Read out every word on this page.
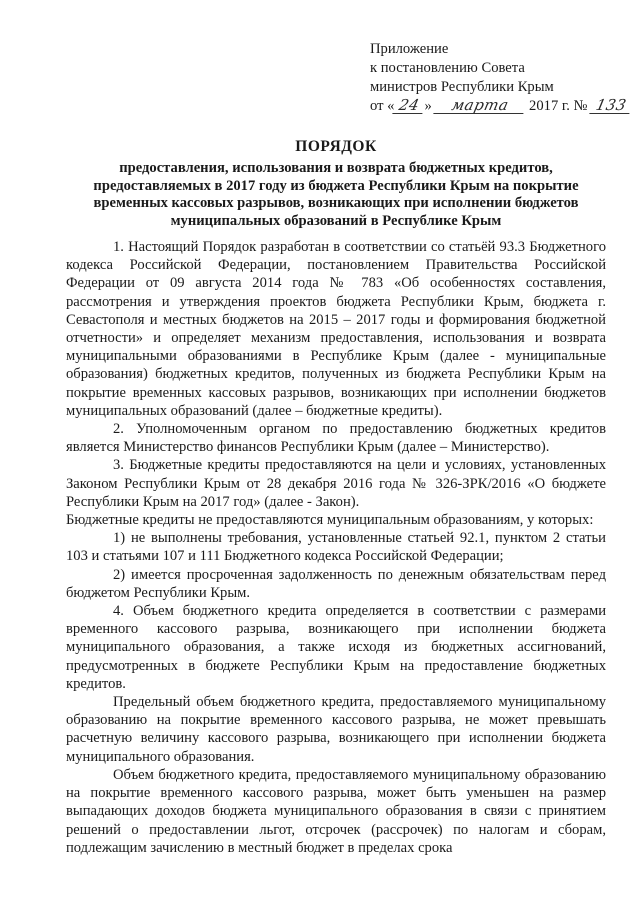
Приложение
к постановлению Совета
министров Республики Крым
от « 24 » марта 2017 г. № 133
ПОРЯДОК
предоставления, использования и возврата бюджетных кредитов, предоставляемых в 2017 году из бюджета Республики Крым на покрытие временных кассовых разрывов, возникающих при исполнении бюджетов муниципальных образований в Республике Крым

1. Настоящий Порядок разработан в соответствии со статьёй 93.3 Бюджетного кодекса Российской Федерации, постановлением Правительства Российской Федерации от 09 августа 2014 года № 783 «Об особенностях составления, рассмотрения и утверждения проектов бюджета Республики Крым, бюджета г. Севастополя и местных бюджетов на 2015 – 2017 годы и формирования бюджетной отчетности» и определяет механизм предоставления, использования и возврата муниципальными образованиями в Республике Крым (далее - муниципальные образования) бюджетных кредитов, полученных из бюджета Республики Крым на покрытие временных кассовых разрывов, возникающих при исполнении бюджетов муниципальных образований (далее – бюджетные кредиты).

2. Уполномоченным органом по предоставлению бюджетных кредитов является Министерство финансов Республики Крым (далее – Министерство).

3. Бюджетные кредиты предоставляются на цели и условиях, установленных Законом Республики Крым от 28 декабря 2016 года № 326-ЗРК/2016 «О бюджете Республики Крым на 2017 год» (далее - Закон).

Бюджетные кредиты не предоставляются муниципальным образованиям, у которых:

1) не выполнены требования, установленные статьей 92.1, пунктом 2 статьи 103 и статьями 107 и 111 Бюджетного кодекса Российской Федерации;

2) имеется просроченная задолженность по денежным обязательствам перед бюджетом Республики Крым.

4. Объем бюджетного кредита определяется в соответствии с размерами временного кассового разрыва, возникающего при исполнении бюджета муниципального образования, а также исходя из бюджетных ассигнований, предусмотренных в бюджете Республики Крым на предоставление бюджетных кредитов.

Предельный объем бюджетного кредита, предоставляемого муниципальному образованию на покрытие временного кассового разрыва, не может превышать расчетную величину кассового разрыва, возникающего при исполнении бюджета муниципального образования.

Объем бюджетного кредита, предоставляемого муниципальному образованию на покрытие временного кассового разрыва, может быть уменьшен на размер выпадающих доходов бюджета муниципального образования в связи с принятием решений о предоставлении льгот, отсрочек (рассрочек) по налогам и сборам, подлежащим зачислению в местный бюджет в пределах срока
